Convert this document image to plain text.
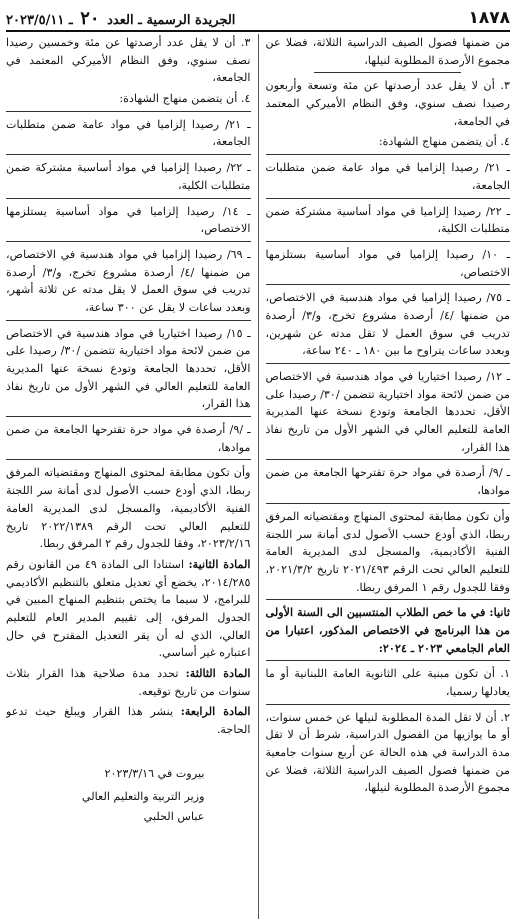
١٨٧٨
الجريدة الرسمية ـ العدد ٢٠ ـ ٢٠٢٣/٥/١١

من ضمنها فصول الصيف الدراسية الثلاثة، فضلا عن مجموع الأرصدة المطلوبة لنيلها،

٣. أن لا يقل عدد أرصدتها عن مئة وتسعة وأربعون رصيدا نصف سنوي، وفق النظام الأميركي المعتمد في الجامعة،

٤. أن يتضمن منهاج الشهادة:

ـ ٢١/ رصيدا إلزاميا في مواد عامة ضمن متطلبات الجامعة،

ـ ٢٢/ رصيدا إلزاميا في مواد أساسية مشتركة ضمن متطلبات الكلية،

ـ ١٠/ رصيدا إلزاميا في مواد أساسية بستلزمها الاختصاص،

ـ ٧٥/ رصيدا إلزاميا في مواد هندسية في الاختصاص، من ضمنها /٤/ أرصدة مشروع تخرج، و/٣/ أرصدة تدريب في سوق العمل لا تقل مدته عن شهرين، وبعدد ساعات يتراوح ما بين ١٨٠ ـ ٢٤٠ ساعة،

ـ ١٢/ رصيدا اختياريا في مواد هندسية في الاختصاص من ضمن لائحة مواد اختيارية تتضمن /٣٠/ رصيدا على الأقل، تحددها الجامعة وتودع نسخة عنها المديرية العامة للتعليم العالي في الشهر الأول من تاريخ نفاذ هذا القرار،

ـ /٩/ أرصدة في مواد حرة تقترحها الجامعة من ضمن موادها،

وأن تكون مطابقة لمحتوى المنهاج ومقتضياته المرفق ربطا، الذي أودع حسب الأصول لدى أمانة سر اللجنة الفنية الأكاديمية، والمسجل لدى المديرية العامة للتعليم العالي تحت الرقم ٢٠٢١/٤٩٣ تاريخ ٢٠٢١/٣/٢، وفقا للجدول رقم ١ المرفق ربطا.

ثانيا: في ما خص الطلاب المنتسبين الى السنة الأولى من هذا البرنامج في الاختصاص المذكور، اعتبارا من العام الجامعي ٢٠٢٣ ـ ٢٠٢٤:

١. أن تكون مبنية على الثانوية العامة اللبنانية أو ما يعادلها رسميا،

٢. أن لا تقل المدة المطلوبة لنيلها عن خمس سنوات، أو ما يوازيها من الفصول الدراسية، شرط أن لا تقل مدة الدراسة في هذه الحالة عن أربع سنوات جامعية من ضمنها فصول الصيف الدراسية الثلاثة، فضلا عن مجموع الأرصدة المطلوبة لنيلها،

٣. أن لا يقل عدد أرصدتها عن مئة وخمسين رصيدا نصف سنوي، وفق النظام الأميركي المعتمد في الجامعة،

٤. أن يتضمن منهاج الشهادة:

ـ ٢١/ رصيدا إلزاميا في مواد عامة ضمن متطلبات الجامعة،

ـ ٢٢/ رصيدا إلزاميا في مواد أساسية مشتركة ضمن متطلبات الكلية،

ـ ١٤/ رصيدا إلزاميا في مواد أساسية يستلزمها الاختصاص،

ـ ٦٩/ رصيدا إلزاميا في مواد هندسية في الاختصاص، من ضمنها /٤/ أرصدة مشروع تخرج، و/٣/ أرصدة تدريب في سوق العمل لا يقل مدته عن ثلاثة أشهر، وبعدد ساعات لا يقل عن ٣٠٠ ساعة،

ـ ١٥/ رصيدا اختياريا في مواد هندسية في الاختصاص من ضمن لائحة مواد اختيارية تتضمن /٣٠/ رصيدا على الأقل، تحددها الجامعة وتودع نسخة عنها المديرية العامة للتعليم العالي في الشهر الأول من تاريخ نفاذ هذا القرار،

ـ /٩/ أرصدة في مواد حرة تقترحها الجامعة من ضمن موادها،

وأن تكون مطابقة لمحتوى المنهاج ومقتضياته المرفق ربطا، الذي أودع حسب الأصول لدى أمانة سر اللجنة الفنية الأكاديمية، والمسجل لدى المديرية العامة للتعليم العالي تحت الرقم ٢٠٢٢/١٣٨٩ تاريخ ٢٠٢٣/٢/١٦، وفقا للجدول رقم ٢ المرفق ربطا.

المادة الثانية: استنادا الى المادة ٤٩ من القانون رقم ٢٠١٤/٢٨٥، يخضع أي تعديل متعلق بالتنظيم الأكاديمي للبرامج، لا سيما ما يختص بتنظيم المنهاج المبين في الجدول المرفق، إلى تقييم المدير العام للتعليم العالي، الذي له أن يقر التعديل المقترح في حال اعتباره غير أساسي.

المادة الثالثة: تحدد مدة صلاحية هذا القرار بثلاث سنوات من تاريخ توقيعه.

المادة الرابعة: ينشر هذا القرار ويبلغ حيث تدعو الحاجة.

بيروت في ٢٠٢٣/٣/١٦

وزير التربية والتعليم العالي

عباس الحلبي
